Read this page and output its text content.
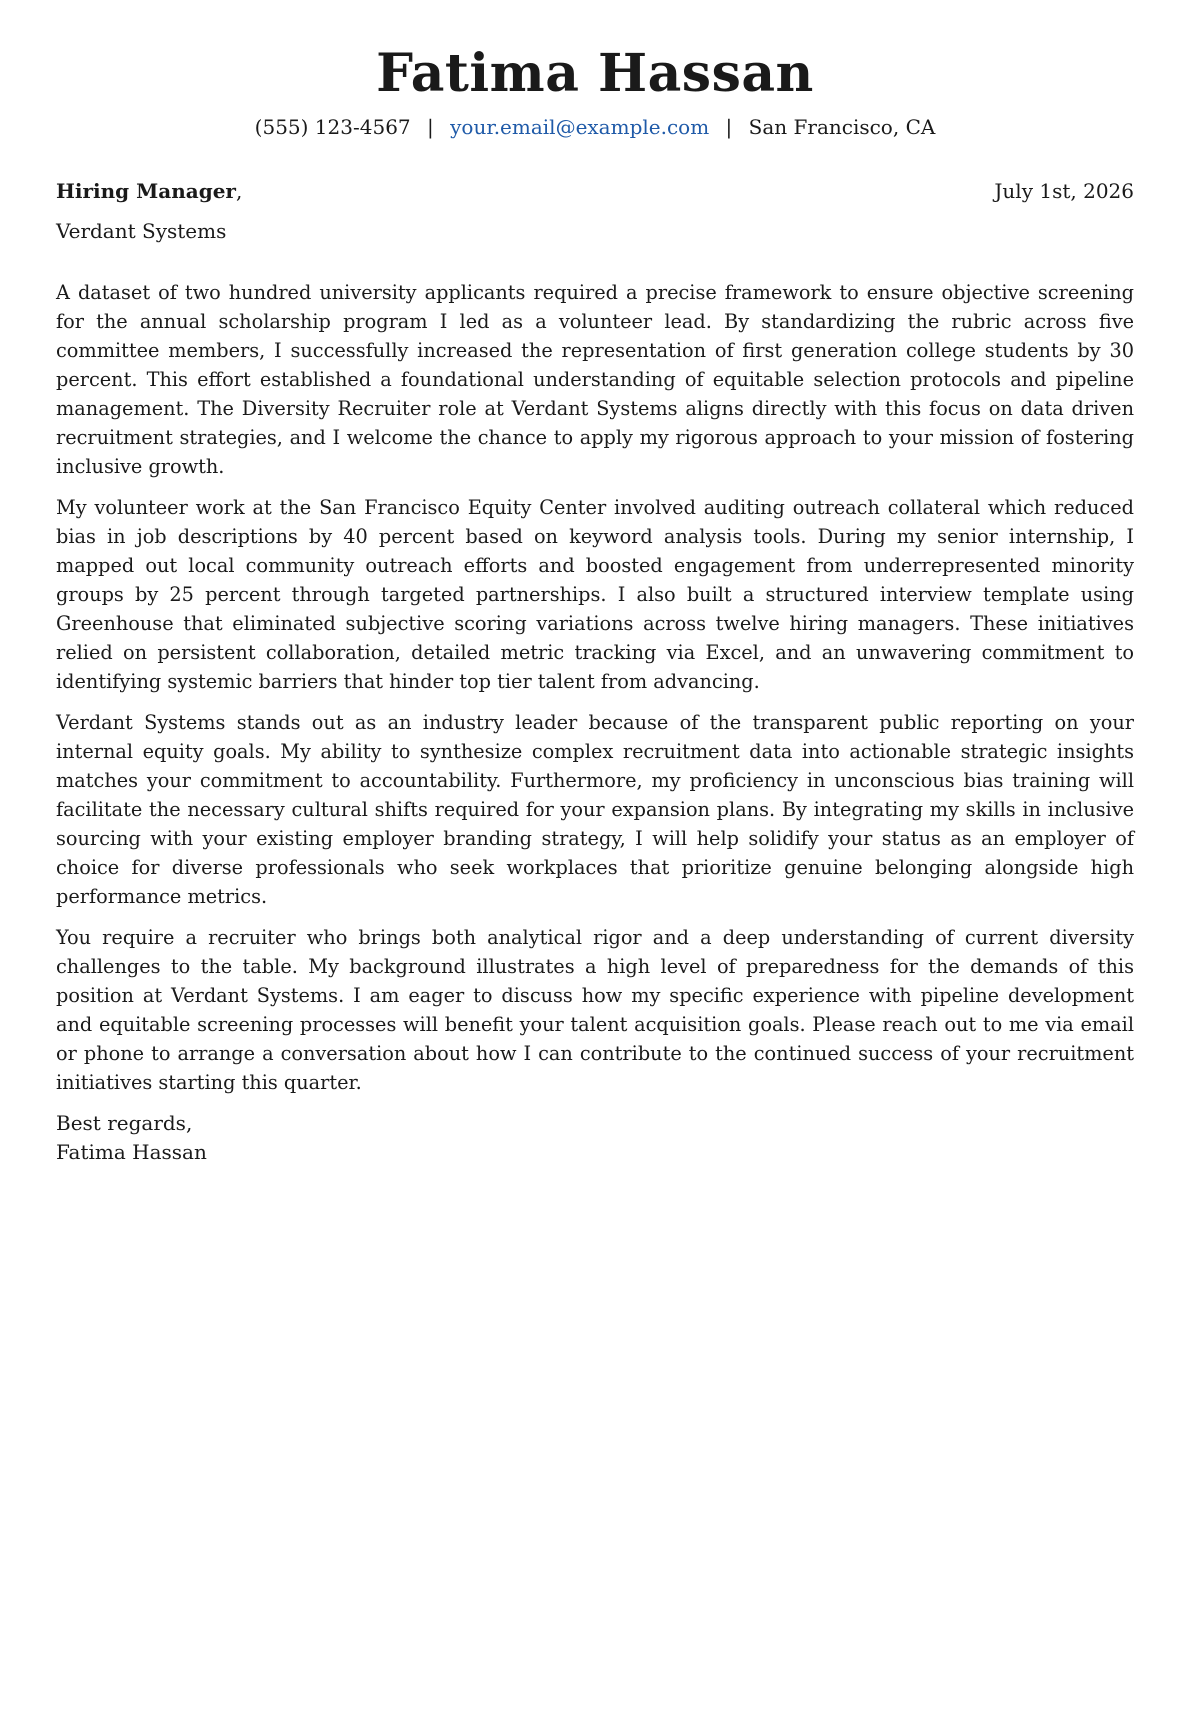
Fatima Hassan
(555) 123-4567 | your.email@example.com | San Francisco, CA
Hiring Manager,	July 1st, 2026
Verdant Systems

A dataset of two hundred university applicants required a precise framework to ensure objective screening for the annual scholarship program I led as a volunteer lead. By standardizing the rubric across five committee members, I successfully increased the representation of first generation college students by 30 percent. This effort established a foundational understanding of equitable selection protocols and pipeline management. The Diversity Recruiter role at Verdant Systems aligns directly with this focus on data driven recruitment strategies, and I welcome the chance to apply my rigorous approach to your mission of fostering inclusive growth.

My volunteer work at the San Francisco Equity Center involved auditing outreach collateral which reduced bias in job descriptions by 40 percent based on keyword analysis tools. During my senior internship, I mapped out local community outreach efforts and boosted engagement from underrepresented minority groups by 25 percent through targeted partnerships. I also built a structured interview template using Greenhouse that eliminated subjective scoring variations across twelve hiring managers. These initiatives relied on persistent collaboration, detailed metric tracking via Excel, and an unwavering commitment to identifying systemic barriers that hinder top tier talent from advancing.

Verdant Systems stands out as an industry leader because of the transparent public reporting on your internal equity goals. My ability to synthesize complex recruitment data into actionable strategic insights matches your commitment to accountability. Furthermore, my proficiency in unconscious bias training will facilitate the necessary cultural shifts required for your expansion plans. By integrating my skills in inclusive sourcing with your existing employer branding strategy, I will help solidify your status as an employer of choice for diverse professionals who seek workplaces that prioritize genuine belonging alongside high performance metrics.

You require a recruiter who brings both analytical rigor and a deep understanding of current diversity challenges to the table. My background illustrates a high level of preparedness for the demands of this position at Verdant Systems. I am eager to discuss how my specific experience with pipeline development and equitable screening processes will benefit your talent acquisition goals. Please reach out to me via email or phone to arrange a conversation about how I can contribute to the continued success of your recruitment initiatives starting this quarter.

Best regards,
Fatima Hassan
